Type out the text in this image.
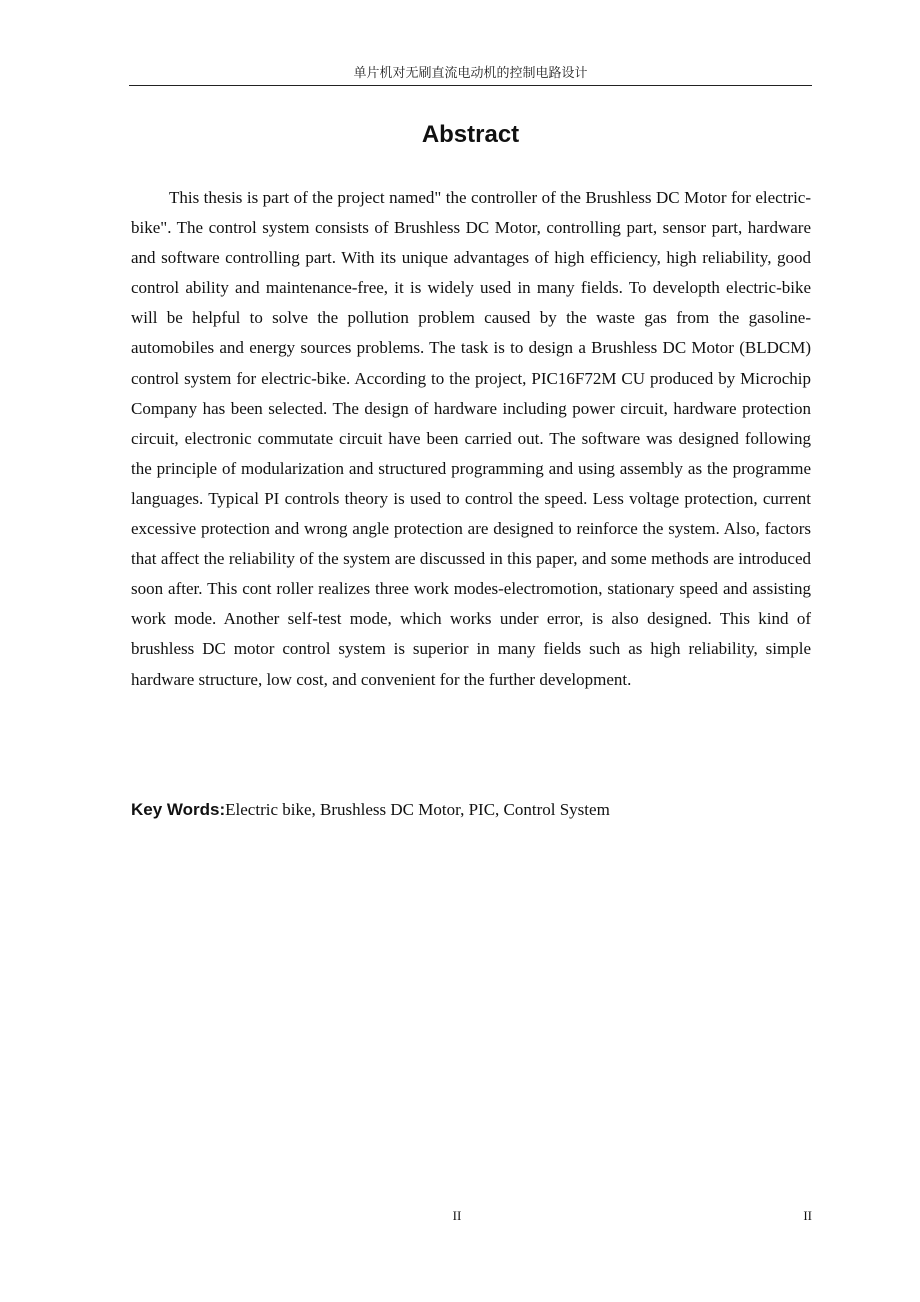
单片机对无刷直流电动机的控制电路设计
Abstract

This thesis is part of the project named" the controller of the Brushless DC Motor for electric-bike". The control system consists of Brushless DC Motor, controlling part, sensor part, hardware and software controlling part. With its unique advantages of high efficiency, high reliability, good control ability and maintenance-free, it is widely used in many fields. To developth electric-bike will be helpful to solve the pollution problem caused by the waste gas from the gasoline-automobiles and energy sources problems. The task is to design a Brushless DC Motor (BLDCM) control system for electric-bike. According to the project, PIC16F72M CU produced by Microchip Company has been selected. The design of hardware including power circuit, hardware protection circuit, electronic commutate circuit have been carried out. The software was designed following the principle of modularization and structured programming and using assembly as the programme languages. Typical PI controls theory is used to control the speed. Less voltage protection, current excessive protection and wrong angle protection are designed to reinforce the system. Also, factors that affect the reliability of the system are discussed in this paper, and some methods are introduced soon after. This cont roller realizes three work modes-electromotion, stationary speed and assisting work mode. Another self-test mode, which works under error, is also designed. This kind of brushless DC motor control system is superior in many fields such as high reliability, simple hardware structure, low cost, and convenient for the further development.

Key Words:Electric bike, Brushless DC Motor, PIC, Control System

II	II
